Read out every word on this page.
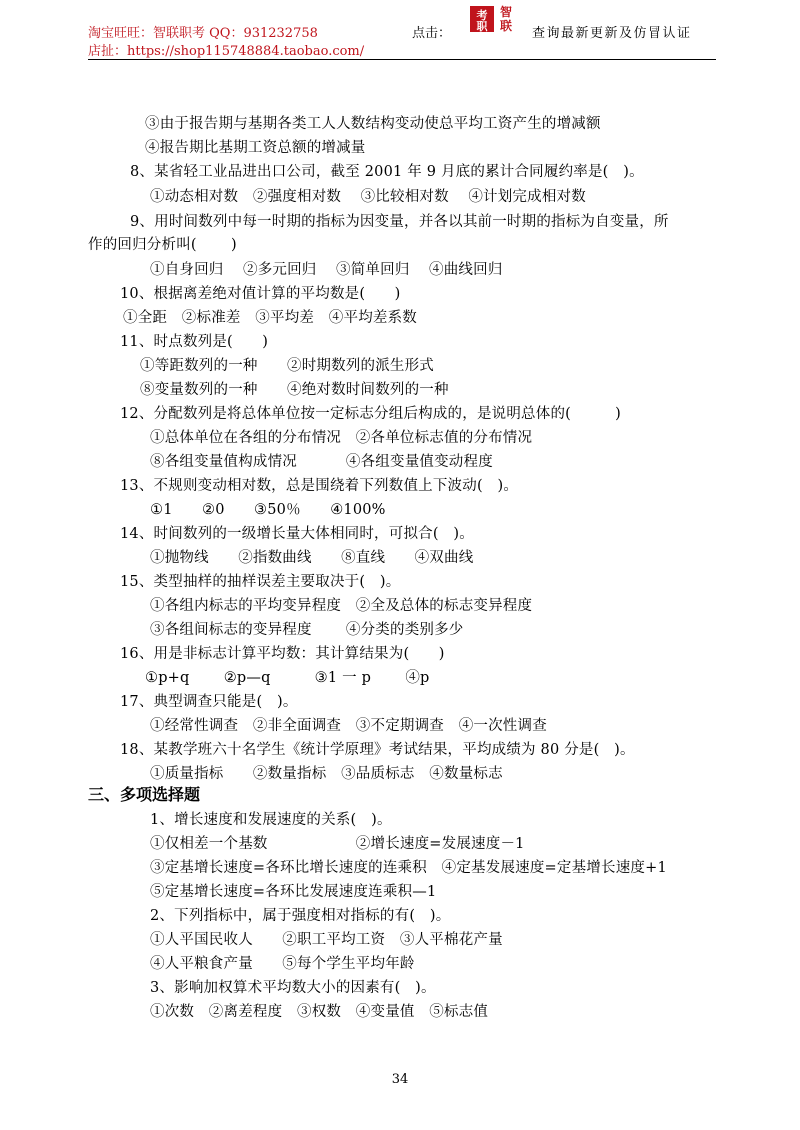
淘宝旺旺：智联职考 QQ：931232758
店扯：https://shop115748884.taobao.com/
点击：
考
职
智
联 查询最新更新及仿冒认证
③由于报告期与基期各类工人人数结构变动使总平均工资产生的增减额
④报告期比基期工资总额的增减量
8、某省轻工业品进出口公司，截至 2001 年 9 月底的累计合同履约率是(　)。
①动态相对数　②强度相对数　 ③比较相对数　 ④计划完成相对数
9、用时间数列中每一时期的指标为因变量，并各以其前一时期的指标为自变量，所
作的回归分析叫(　　 )
①自身回归　 ②多元回归　 ③简单回归　 ④曲线回归
10、根据离差绝对值计算的平均数是(　　)
①全距　②标准差　③平均差　④平均差系数
11、时点数列是(　　)
①等距数列的一种　　②时期数列的派生形式
⑧变量数列的一种　　④绝对数时间数列的一种
12、分配数列是将总体单位按一定标志分组后构成的，是说明总体的(　　　)
①总体单位在各组的分布情况　②各单位标志值的分布情况
⑧各组变量值构成情况　　　 ④各组变量值变动程度
13、不规则变动相对数，总是围绕着下列数值上下波动(　)。
①1　　②0　　③50％　　④100%
14、时间数列的一级增长量大体相同时，可拟合(　)。
①抛物线　　②指数曲线　　⑧直线　　④双曲线
15、类型抽样的抽样误差主要取决于(　)。
①各组内标志的平均变异程度　②全及总体的标志变异程度
③各组间标志的变异程度　　 ④分类的类别多少
16、用是非标志计算平均数：其计算结果为(　　)
①p+q　　 ②p—q　　　③1 一 p　　 ④p
17、典型调查只能是(　)。
①经常性调查　②非全面调查　③不定期调查　④一次性调查
18、某教学班六十名学生《统计学原理》考试结果，平均成绩为 80 分是(　)。
①质量指标　　②数量指标　③品质标志　④数量标志
三、多项选择题
1、增长速度和发展速度的关系(　)。
①仅相差一个基数　　　　　　②增长速度=发展速度－1
③定基增长速度=各环比增长速度的连乘积　④定基发展速度=定基增长速度+1
⑤定基增长速度=各环比发展速度连乘积—1
2、下列指标中，属于强度相对指标的有(　)。
①人平国民收人　　②职工平均工资　③人平棉花产量
④人平粮食产量　　⑤每个学生平均年龄
3、影响加权算术平均数大小的因素有(　)。
①次数　②离差程度　③权数　④变量值　⑤标志值
34
